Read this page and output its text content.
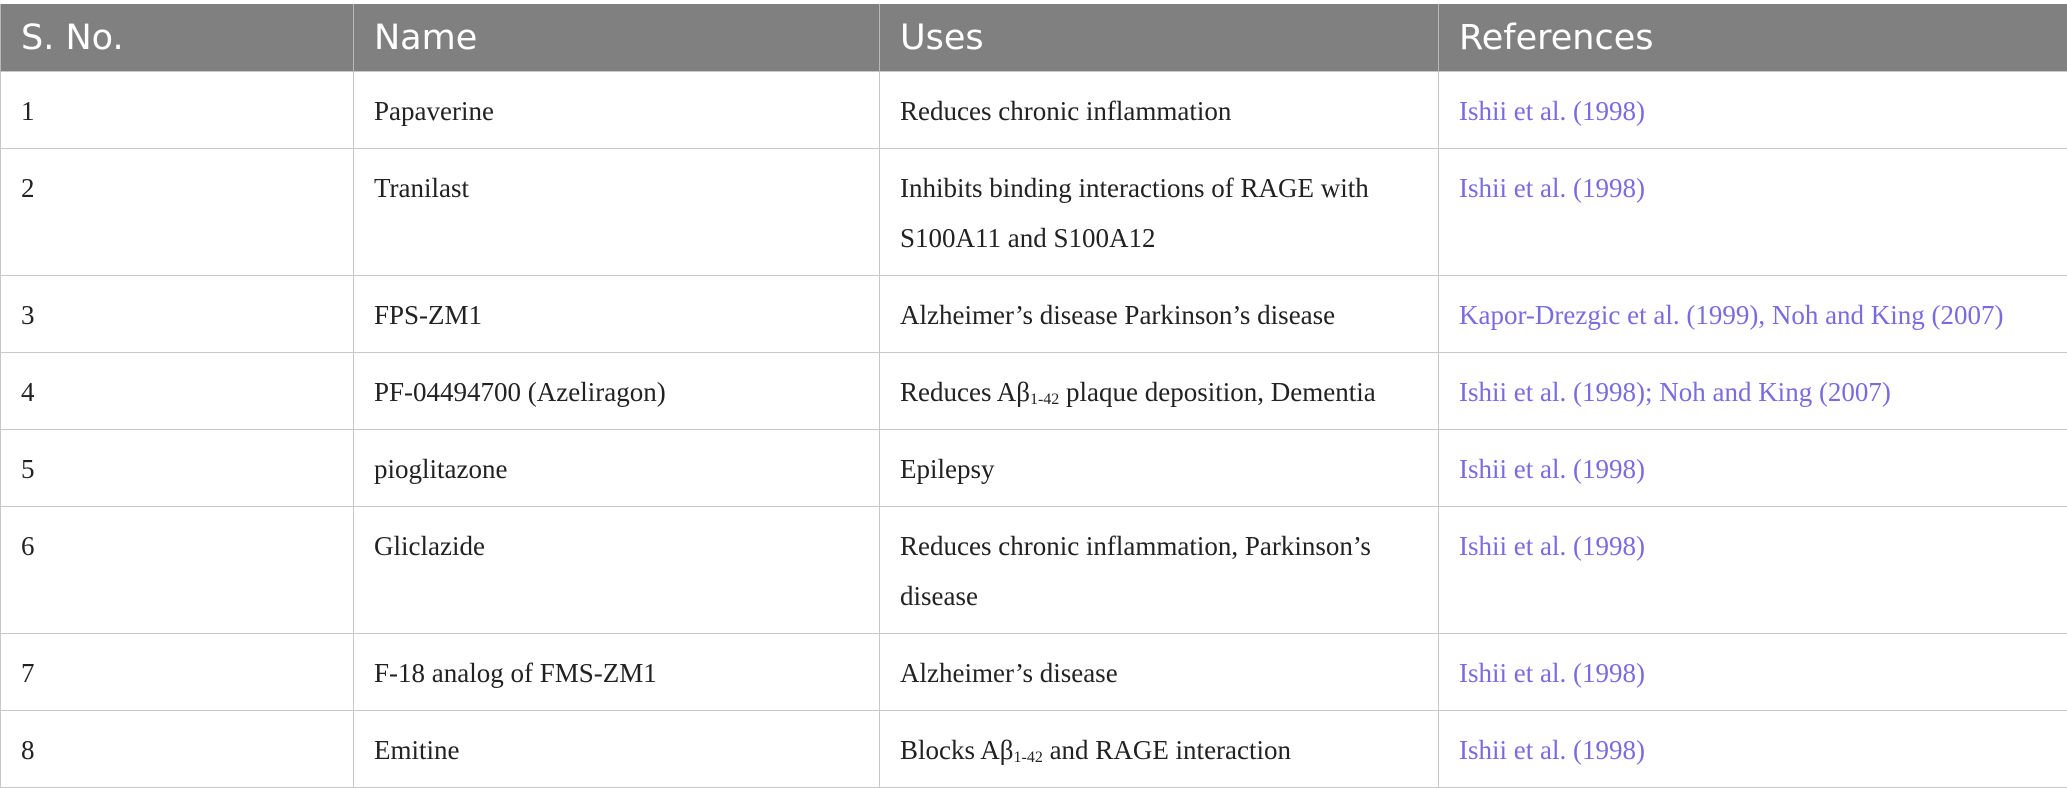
S. No.	Name	Uses	References
1	Papaverine	Reduces chronic inflammation	Ishii et al. (1998)
2	Tranilast	Inhibits binding interactions of RAGE with S100A11 and S100A12	Ishii et al. (1998)
3	FPS-ZM1	Alzheimer’s disease Parkinson’s disease	Kapor-Drezgic et al. (1999), Noh and King (2007)
4	PF-04494700 (Azeliragon)	Reduces $A\beta_{1-42}$ plaque deposition, Dementia	Ishii et al. (1998); Noh and King (2007)
5	pioglitazone	Epilepsy	Ishii et al. (1998)
6	Gliclazide	Reduces chronic inflammation, Parkinson’s disease	Ishii et al. (1998)
7	F-18 analog of FMS-ZM1	Alzheimer’s disease	Ishii et al. (1998)
8	Emitine	Blocks $A\beta_{1-42}$ and RAGE interaction	Ishii et al. (1998)
